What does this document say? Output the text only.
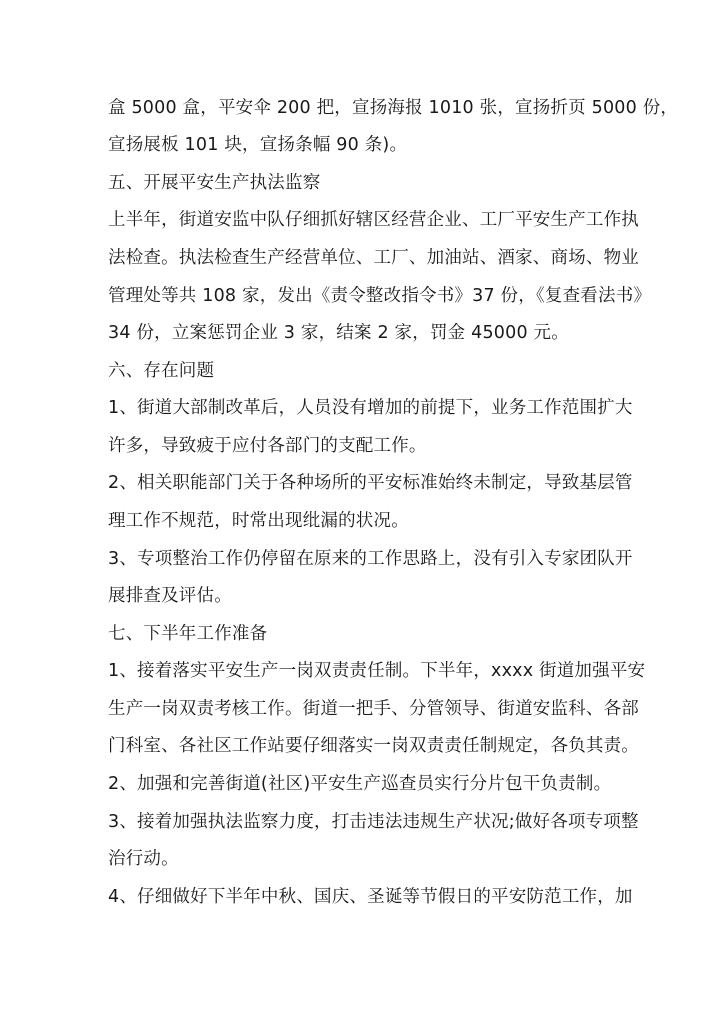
盒 5000 盒，平安伞 200 把，宣扬海报 1010 张，宣扬折页 5000 份，
宣扬展板 101 块，宣扬条幅 90 条)。
五、开展平安生产执法监察
上半年，街道安监中队仔细抓好辖区经营企业、工厂平安生产工作执
法检查。执法检查生产经营单位、工厂、加油站、酒家、商场、物业
管理处等共 108 家，发出《责令整改指令书》37 份，《复查看法书》
34 份，立案惩罚企业 3 家，结案 2 家，罚金 45000 元。
六、存在问题
1、街道大部制改革后，人员没有增加的前提下，业务工作范围扩大
许多，导致疲于应付各部门的支配工作。
2、相关职能部门关于各种场所的平安标准始终未制定，导致基层管
理工作不规范，时常出现纰漏的状况。
3、专项整治工作仍停留在原来的工作思路上，没有引入专家团队开
展排查及评估。
七、下半年工作准备
1、接着落实平安生产一岗双责责任制。下半年，xxxx 街道加强平安
生产一岗双责考核工作。街道一把手、分管领导、街道安监科、各部
门科室、各社区工作站要仔细落实一岗双责责任制规定，各负其责。
2、加强和完善街道(社区)平安生产巡查员实行分片包干负责制。
3、接着加强执法监察力度，打击违法违规生产状况;做好各项专项整
治行动。
4、仔细做好下半年中秋、国庆、圣诞等节假日的平安防范工作，加
